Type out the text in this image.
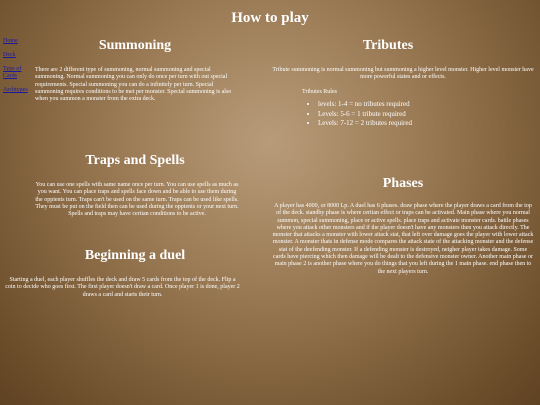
How to play
Home
Deck
Type of Cards
Archtypes
Summoning

There are 2 different type of summoning, normal summoning and special summoning. Normal summoning you can only do once per turn with out special requirements. Special summoning you can do a infinitely per turn. Special summoning requires conditions to be met per monster. Special summoning is also when you summon a monster from the extra deck.

Tributes

Tribute summoning is normal summoning but summoning a higher level monster. Higher level monster have more powerful states and or effects.

Tributes Rules
• levels: 1-4 = no tributes required
• Levels: 5-6 = 1 tribute required
• Levels: 7-12 = 2 tributes required
Traps and Spells

You can use one spells with same name once per turn. You can use spells as much as you want. You can place traps and spells face down and be able to use them during the oppients turn. Traps can't be used on the same turn. Traps can be used like spells. They must be put on the field then can be used during the oppients or your next turn. Spells and traps may have certian conditions to be active.

Phases

A player has 4000, or 8000 Lp. A duel has 6 phases. draw phase where the player draws a card from the top of the deck. standby phase is where certian effect or traps can be activated. Main phase where you normal summon, special summoning, place or active spells. place traps and activate monster cards. battle phases where you attack other monsters and if the player doesn't have any monsters then you attack directly. The monster that attacks a monster with lower attack stat, that left over damage goes the player with lower attack monster. A monster thats in defense mode compares the attack state of the attacking monster and the defense stat of the deefending monster. If a defending monster is destroyed, neigher player takes damage. Some cards have piercing which then damage will be dealt to the defensive monster owner. Another main phase or main phase 2 is another phase where you do things that you left during the 1 main phase. end phase then to the next players turn.

Beginning a duel

Starting a duel, each player shuffles the deck and draw 5 cards from the top of the deck. Flip a coin to decide who goes first. The first player doesn't draw a card. Once player 1 is done, player 2 draws a card and starts their turn.
